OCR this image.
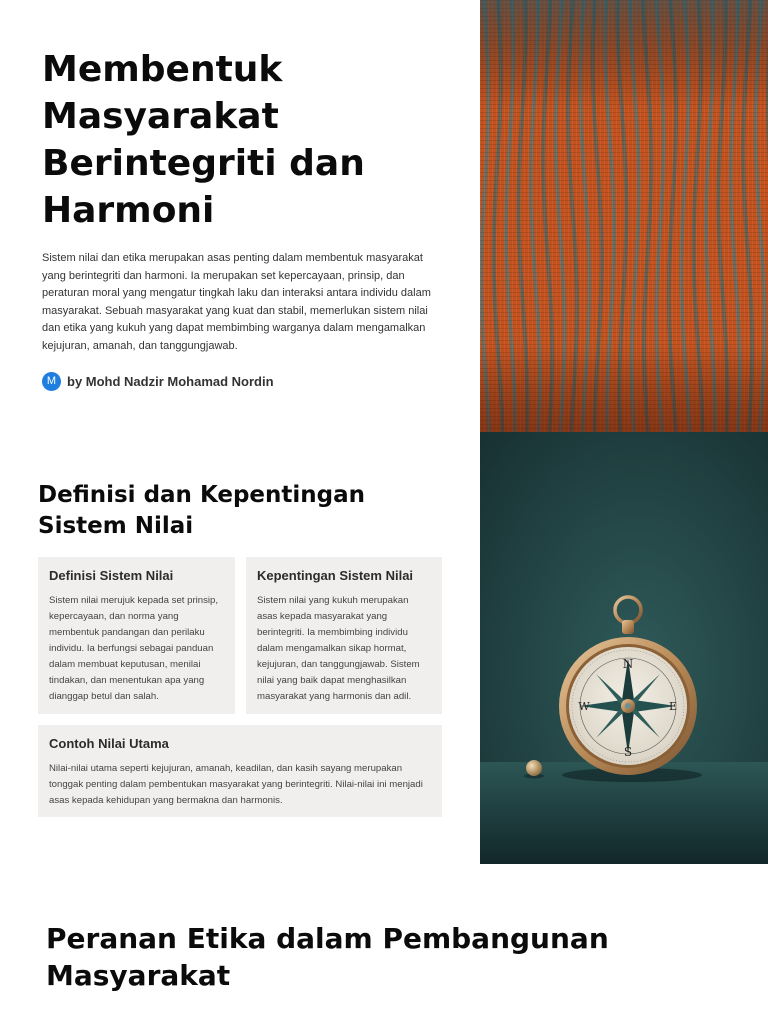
Membentuk Masyarakat Berintegriti dan Harmoni

Sistem nilai dan etika merupakan asas penting dalam membentuk masyarakat yang berintegriti dan harmoni. Ia merupakan set kepercayaan, prinsip, dan peraturan moral yang mengatur tingkah laku dan interaksi antara individu dalam masyarakat. Sebuah masyarakat yang kuat dan stabil, memerlukan sistem nilai dan etika yang kukuh yang dapat membimbing warganya dalam mengamalkan kejujuran, amanah, dan tanggungjawab.

M by Mohd Nadzir Mohamad Nordin
N
S
E
W
Definisi dan Kepentingan Sistem Nilai
Definisi Sistem Nilai

Sistem nilai merujuk kepada set prinsip, kepercayaan, dan norma yang membentuk pandangan dan perilaku individu. Ia berfungsi sebagai panduan dalam membuat keputusan, menilai tindakan, dan menentukan apa yang dianggap betul dan salah.

Kepentingan Sistem Nilai

Sistem nilai yang kukuh merupakan asas kepada masyarakat yang berintegriti. Ia membimbing individu dalam mengamalkan sikap hormat, kejujuran, dan tanggungjawab. Sistem nilai yang baik dapat menghasilkan masyarakat yang harmonis dan adil.

Contoh Nilai Utama

Nilai-nilai utama seperti kejujuran, amanah, keadilan, dan kasih sayang merupakan tonggak penting dalam pembentukan masyarakat yang berintegriti. Nilai-nilai ini menjadi asas kepada kehidupan yang bermakna dan harmonis.

Peranan Etika dalam Pembangunan Masyarakat
